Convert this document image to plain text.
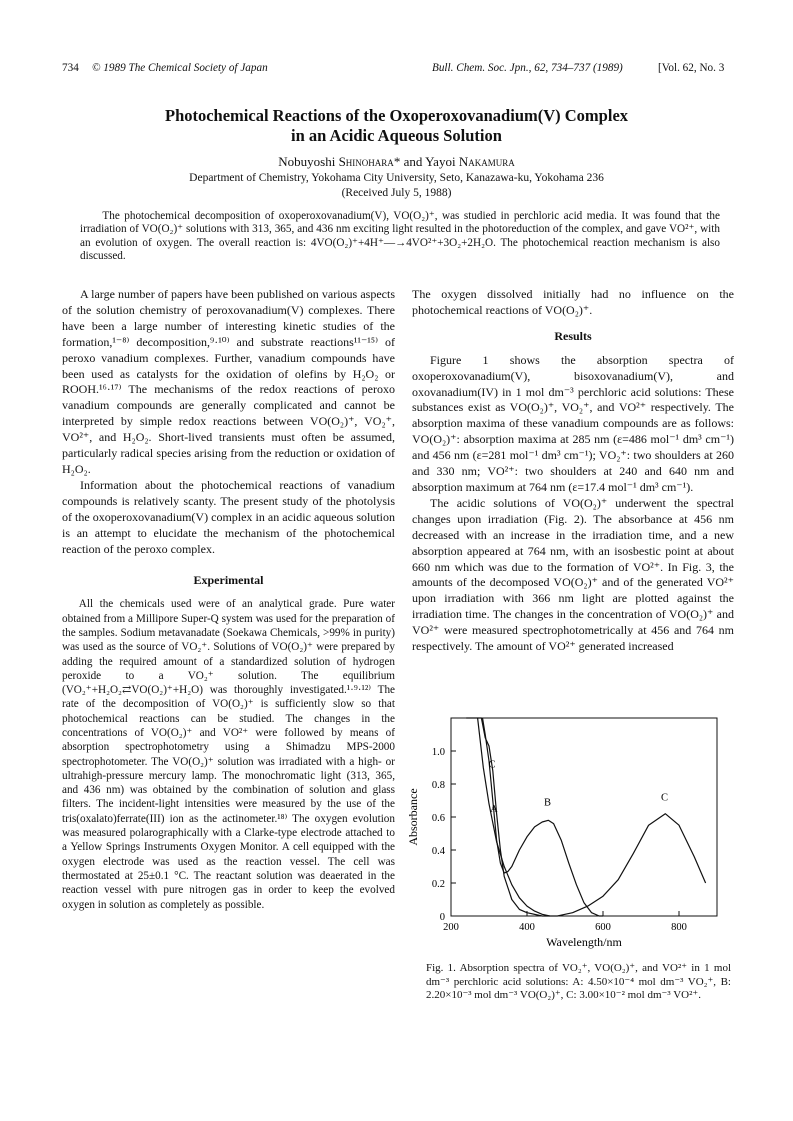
734 © 1989 The Chemical Society of Japan	Bull. Chem. Soc. Jpn., 62, 734–737 (1989)	[Vol. 62, No. 3
Photochemical Reactions of the Oxoperoxovanadium(V) Complex
in an Acidic Aqueous Solution
Nobuyoshi Shinohara* and Yayoi Nakamura
Department of Chemistry, Yokohama City University, Seto, Kanazawa-ku, Yokohama 236
(Received July 5, 1988)

The photochemical decomposition of oxoperoxovanadium(V), VO(O₂)⁺, was studied in perchloric acid media. It was found that the irradiation of VO(O₂)⁺ solutions with 313, 365, and 436 nm exciting light resulted in the photoreduction of the complex, and gave VO²⁺, with an evolution of oxygen. The overall reaction is: 4VO(O₂)⁺+4H⁺—→4VO²⁺+3O₂+2H₂O. The photochemical reaction mechanism is also discussed.

A large number of papers have been published on various aspects of the solution chemistry of peroxovanadium(V) complexes. There have been a large number of interesting kinetic studies of the formation,¹⁻⁸⁾ decomposition,⁹·¹⁰⁾ and substrate reactions¹¹⁻¹⁵⁾ of peroxo vanadium complexes. Further, vanadium compounds have been used as catalysts for the oxidation of olefins by H₂O₂ or ROOH.¹⁶·¹⁷⁾ The mechanisms of the redox reactions of peroxo vanadium compounds are generally complicated and cannot be interpreted by simple redox reactions between VO(O₂)⁺, VO₂⁺, VO²⁺, and H₂O₂. Short-lived transients must often be assumed, particularly radical species arising from the reduction or oxidation of H₂O₂.

Information about the photochemical reactions of vanadium compounds is relatively scanty. The present study of the photolysis of the oxoperoxovanadium(V) complex in an acidic aqueous solution is an attempt to elucidate the mechanism of the photochemical reaction of the peroxo complex.

Experimental

All the chemicals used were of an analytical grade. Pure water obtained from a Millipore Super-Q system was used for the preparation of the samples. Sodium metavanadate (Soekawa Chemicals, >99% in purity) was used as the source of VO₂⁺. Solutions of VO(O₂)⁺ were prepared by adding the required amount of a standardized solution of hydrogen peroxide to a VO₂⁺ solution. The equilibrium (VO₂⁺+H₂O₂⇄VO(O₂)⁺+H₂O) was thoroughly investigated.¹·⁹·¹²⁾ The rate of the decomposition of VO(O₂)⁺ is sufficiently slow so that photochemical reactions can be studied. The changes in the concentrations of VO(O₂)⁺ and VO²⁺ were followed by means of absorption spectrophotometry using a Shimadzu MPS-2000 spectrophotometer. The VO(O₂)⁺ solution was irradiated with a high- or ultrahigh-pressure mercury lamp. The monochromatic light (313, 365, and 436 nm) was obtained by the combination of solution and glass filters. The incident-light intensities were measured by the use of the tris(oxalato)ferrate(III) ion as the actinometer.¹⁸⁾ The oxygen evolution was measured polarographically with a Clarke-type electrode attached to a Yellow Springs Instruments Oxygen Monitor. A cell equipped with the oxygen electrode was used as the reaction vessel. The cell was thermostated at 25±0.1 °C. The reactant solution was deaerated in the reaction vessel with pure nitrogen gas in order to keep the evolved oxygen in solution as completely as possible.

The oxygen dissolved initially had no influence on the photochemical reactions of VO(O₂)⁺.

Results

Figure 1 shows the absorption spectra of oxoperoxovanadium(V), bisoxovanadium(V), and oxovanadium(IV) in 1 mol dm⁻³ perchloric acid solutions: These substances exist as VO(O₂)⁺, VO₂⁺, and VO²⁺ respectively. The absorption maxima of these vanadium compounds are as follows: VO(O₂)⁺: absorption maxima at 285 nm (ε=486 mol⁻¹ dm³ cm⁻¹) and 456 nm (ε=281 mol⁻¹ dm³ cm⁻¹); VO₂⁺: two shoulders at 260 and 330 nm; VO²⁺: two shoulders at 240 and 640 nm and absorption maximum at 764 nm (ε=17.4 mol⁻¹ dm³ cm⁻¹).

The acidic solutions of VO(O₂)⁺ underwent the spectral changes upon irradiation (Fig. 2). The absorbance at 456 nm decreased with an increase in the irradiation time, and a new absorption appeared at 764 nm, with an isosbestic point at about 660 nm which was due to the formation of VO²⁺. In Fig. 3, the amounts of the decomposed VO(O₂)⁺ and of the generated VO²⁺ upon irradiation with 366 nm light are plotted against the irradiation time. The changes in the concentration of VO(O₂)⁺ and VO²⁺ were measured spectrophotometrically at 456 and 764 nm respectively. The amount of VO²⁺ generated increased

200	400	600	800
0
0.2
0.4
0.6
0.8
1.0
A
B
C
C
Wavelength/nm
Absorbance
Fig. 1. Absorption spectra of VO₂⁺, VO(O₂)⁺, and VO²⁺ in 1 mol dm⁻³ perchloric acid solutions: A: 4.50×10⁻⁴ mol dm⁻³ VO₂⁺, B: 2.20×10⁻³ mol dm⁻³ VO(O₂)⁺, C: 3.00×10⁻² mol dm⁻³ VO²⁺.
